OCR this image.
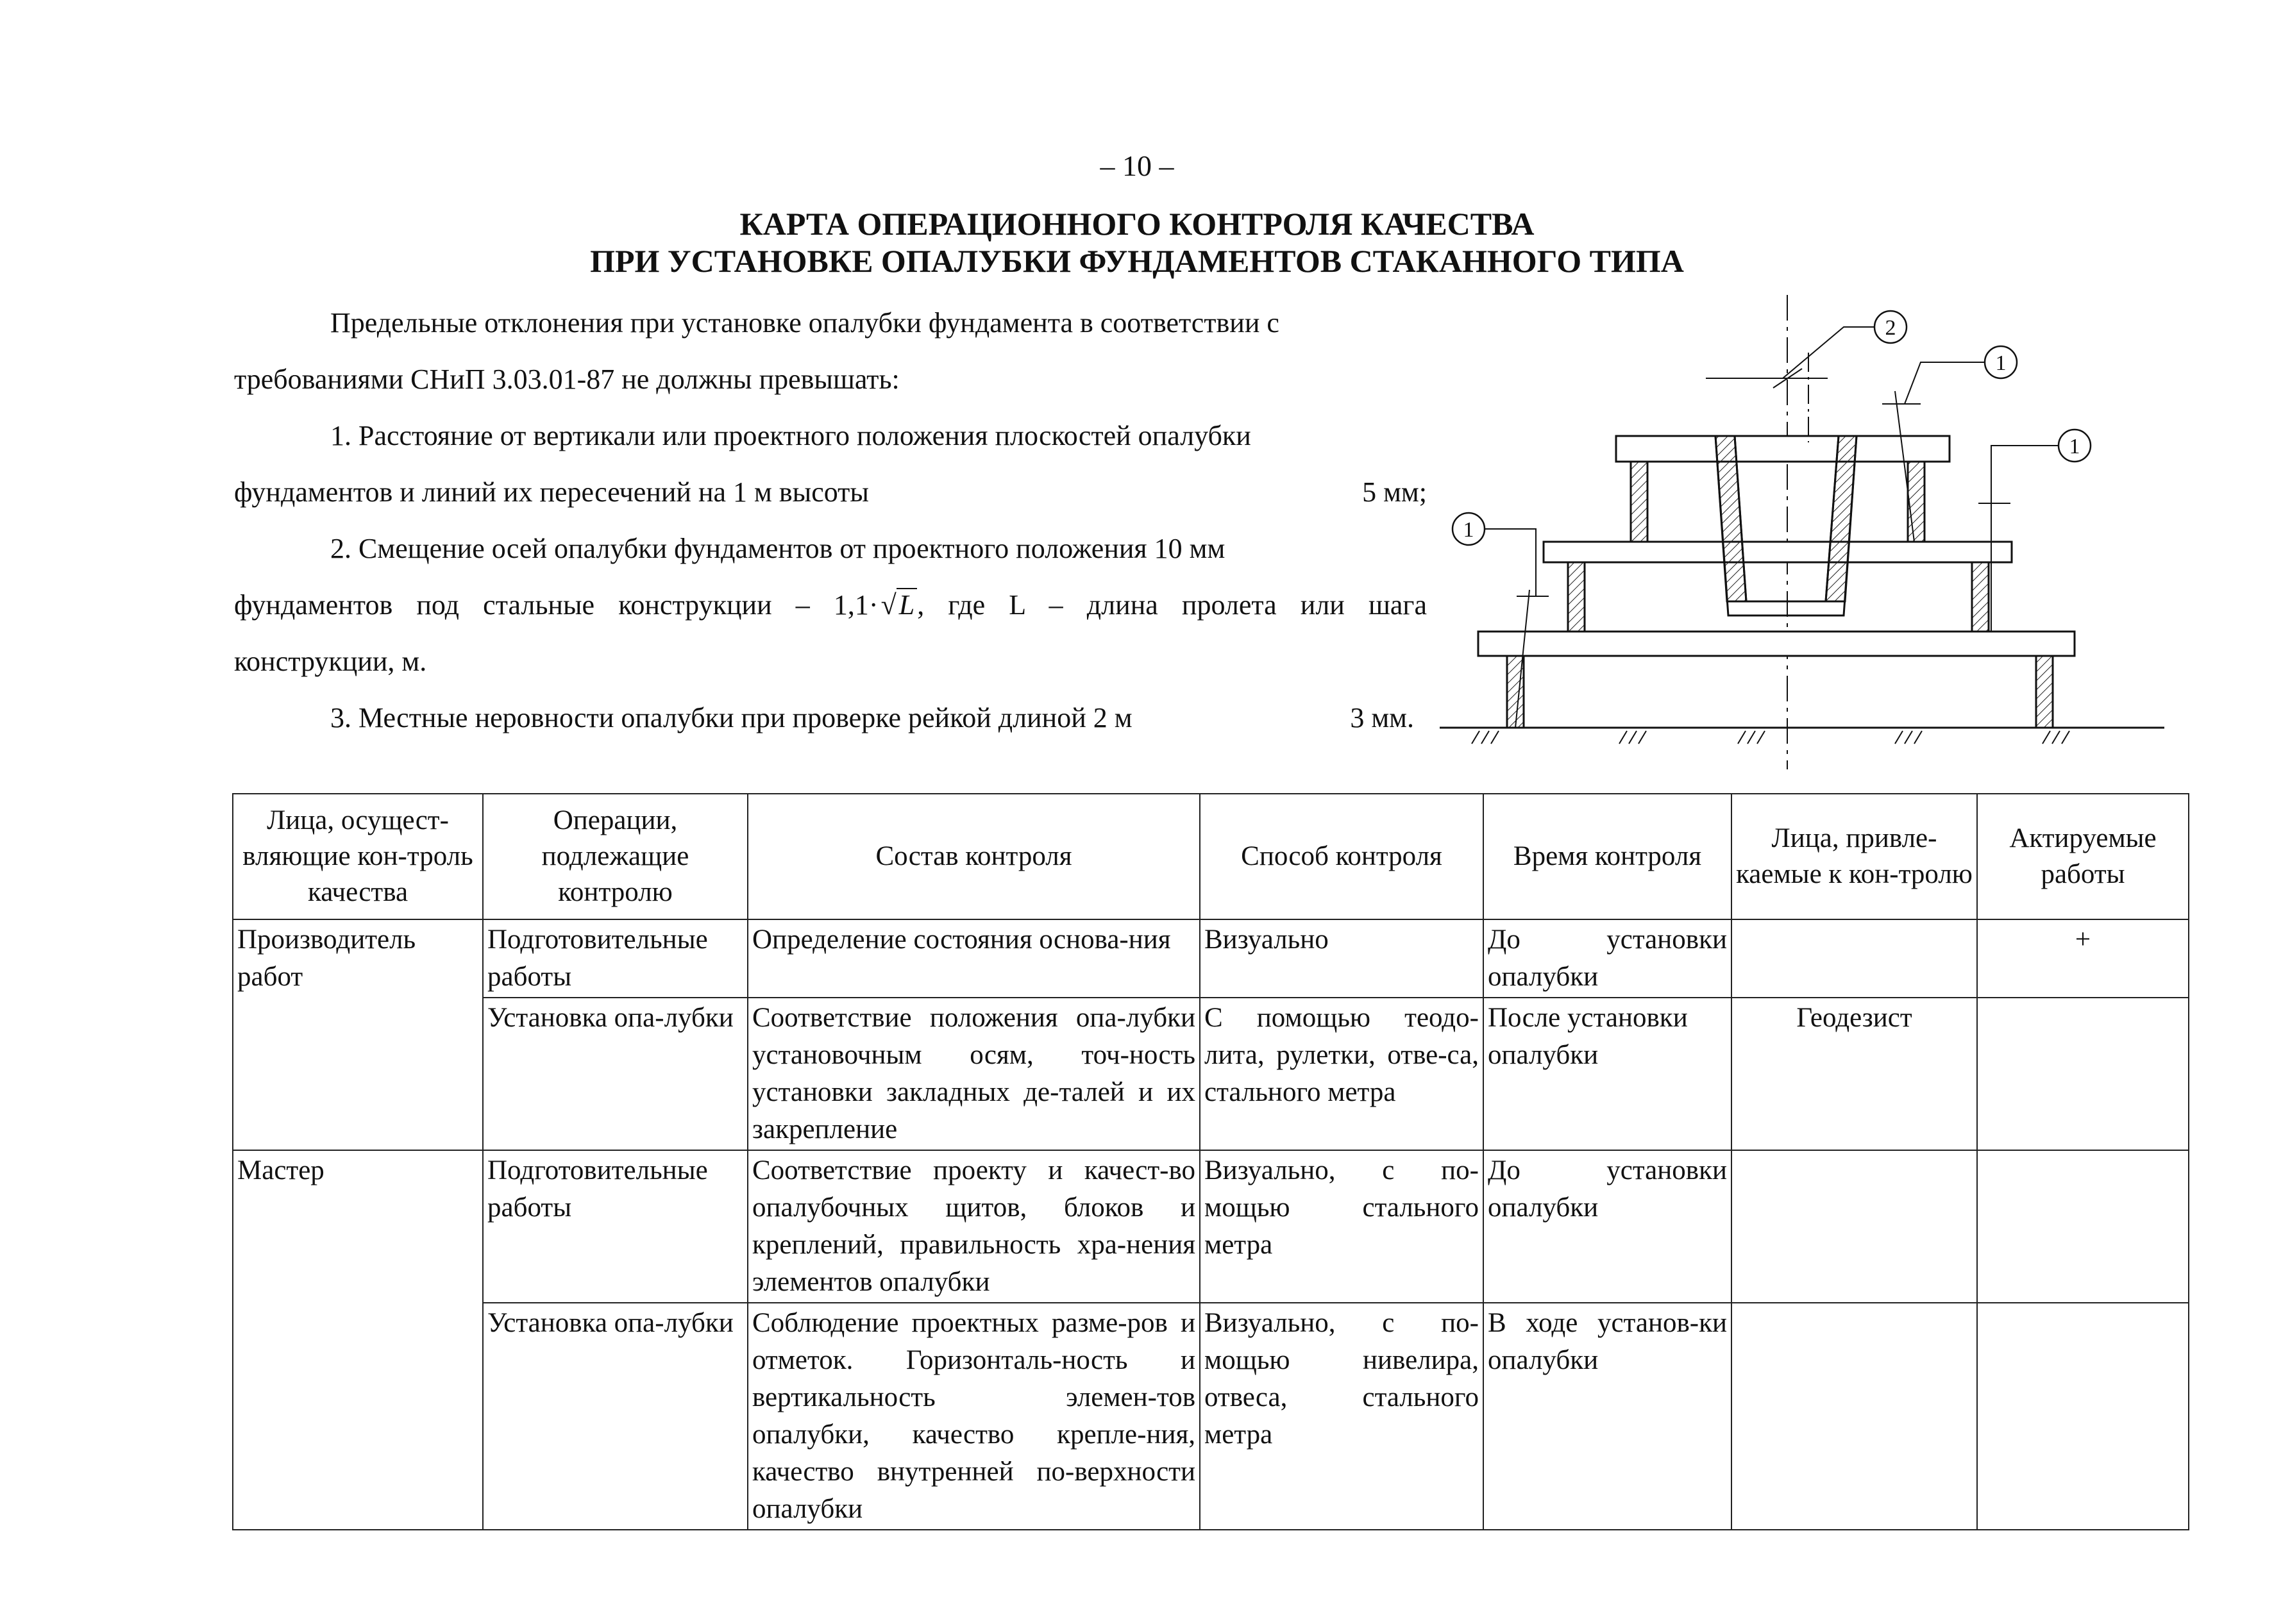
– 10 –
КАРТА ОПЕРАЦИОННОГО КОНТРОЛЯ КАЧЕСТВА
ПРИ УСТАНОВКЕ ОПАЛУБКИ ФУНДАМЕНТОВ СТАКАННОГО ТИПА

Предельные отклонения при установке опалубки фундамента в соответствии с

требованиями СНиП 3.03.01-87 не должны превышать:

1. Расстояние от вертикали или проектного положения плоскостей опалубки

фундаментов и линий их пересечений на 1 м высоты	5 мм;

2. Смещение осей опалубки фундаментов от проектного положения 10 мм

фундаментов под стальные конструкции – 1,1·√L, где L – длина пролета или шага

конструкции, м.

3. Местные неровности опалубки при проверке рейкой длиной 2 м	3 мм.
2
1
1
1
Лица, осущест-вляющие кон-троль качества	Операции, подлежащие контролю	Состав контроля	Способ контроля	Время контроля	Лица, привле-каемые к кон-тролю	Актируемые работы
Производитель работ	Подготовительные работы	Определение состояния основа-ния	Визуально	До установки опалубки		+
	Установка опа-лубки	Соответствие положения опа-лубки установочным осям, точ-ность установки закладных де-талей и их закрепление	С помощью теодо-лита, рулетки, отве-са, стального метра	После установки опалубки	Геодезист	
Мастер	Подготовительные работы	Соответствие проекту и качест-во опалубочных щитов, блоков и креплений, правильность хра-нения элементов опалубки	Визуально, с по-мощью стального метра	До установки опалубки		
	Установка опа-лубки	Соблюдение проектных разме-ров и отметок. Горизонталь-ность и вертикальность элемен-тов опалубки, качество крепле-ния, качество внутренней по-верхности опалубки	Визуально, с по-мощью нивелира, отвеса, стального метра	В ходе установ-ки опалубки		
